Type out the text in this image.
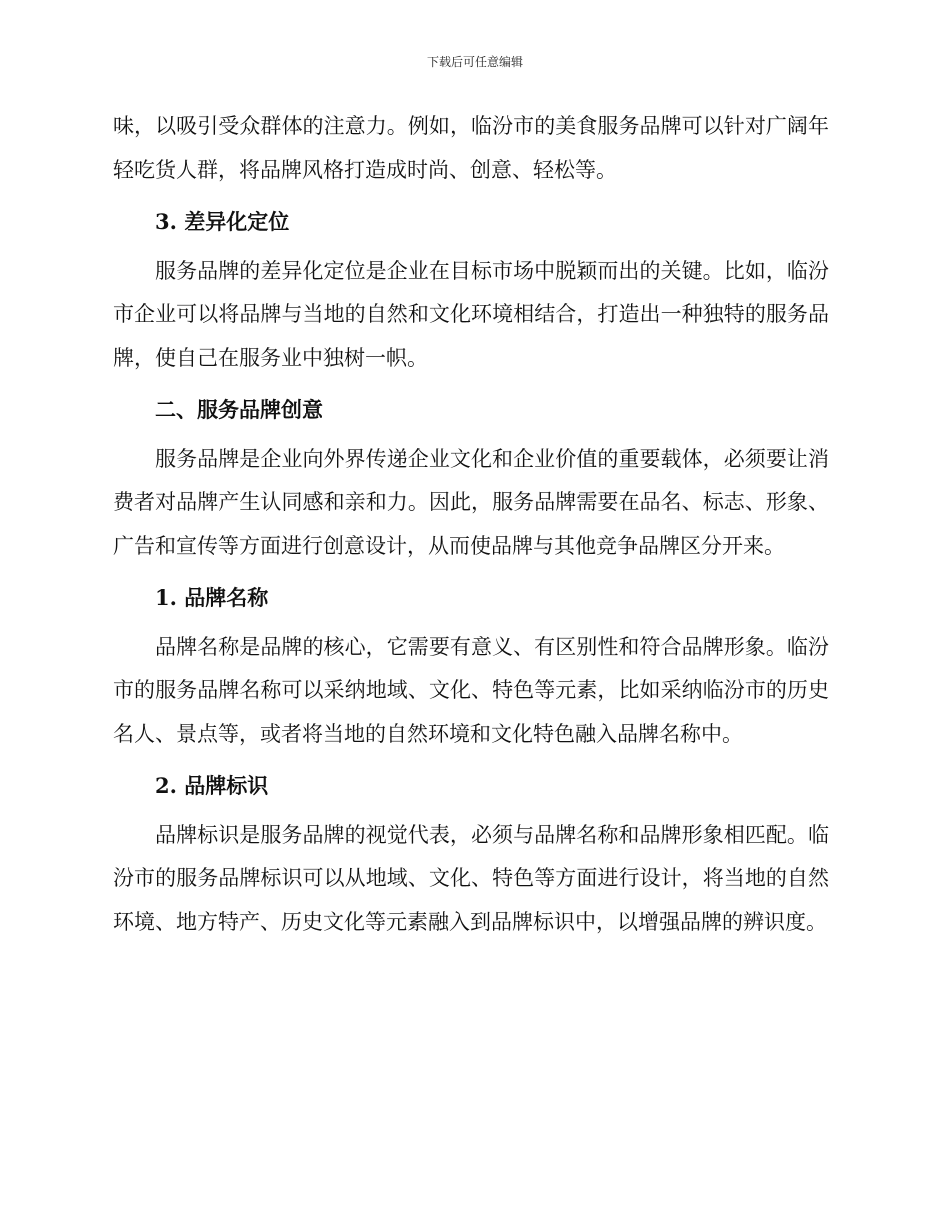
下载后可任意编辑

味，以吸引受众群体的注意力。例如，临汾市的美食服务品牌可以针对广阔年轻吃货人群，将品牌风格打造成时尚、创意、轻松等。

3. 差异化定位

服务品牌的差异化定位是企业在目标市场中脱颖而出的关键。比如，临汾市企业可以将品牌与当地的自然和文化环境相结合，打造出一种独特的服务品牌，使自己在服务业中独树一帜。

二、服务品牌创意

服务品牌是企业向外界传递企业文化和企业价值的重要载体，必须要让消费者对品牌产生认同感和亲和力。因此，服务品牌需要在品名、标志、形象、广告和宣传等方面进行创意设计，从而使品牌与其他竞争品牌区分开来。

1. 品牌名称

品牌名称是品牌的核心，它需要有意义、有区别性和符合品牌形象。临汾市的服务品牌名称可以采纳地域、文化、特色等元素，比如采纳临汾市的历史名人、景点等，或者将当地的自然环境和文化特色融入品牌名称中。

2. 品牌标识

品牌标识是服务品牌的视觉代表，必须与品牌名称和品牌形象相匹配。临汾市的服务品牌标识可以从地域、文化、特色等方面进行设计，将当地的自然环境、地方特产、历史文化等元素融入到品牌标识中，以增强品牌的辨识度。
